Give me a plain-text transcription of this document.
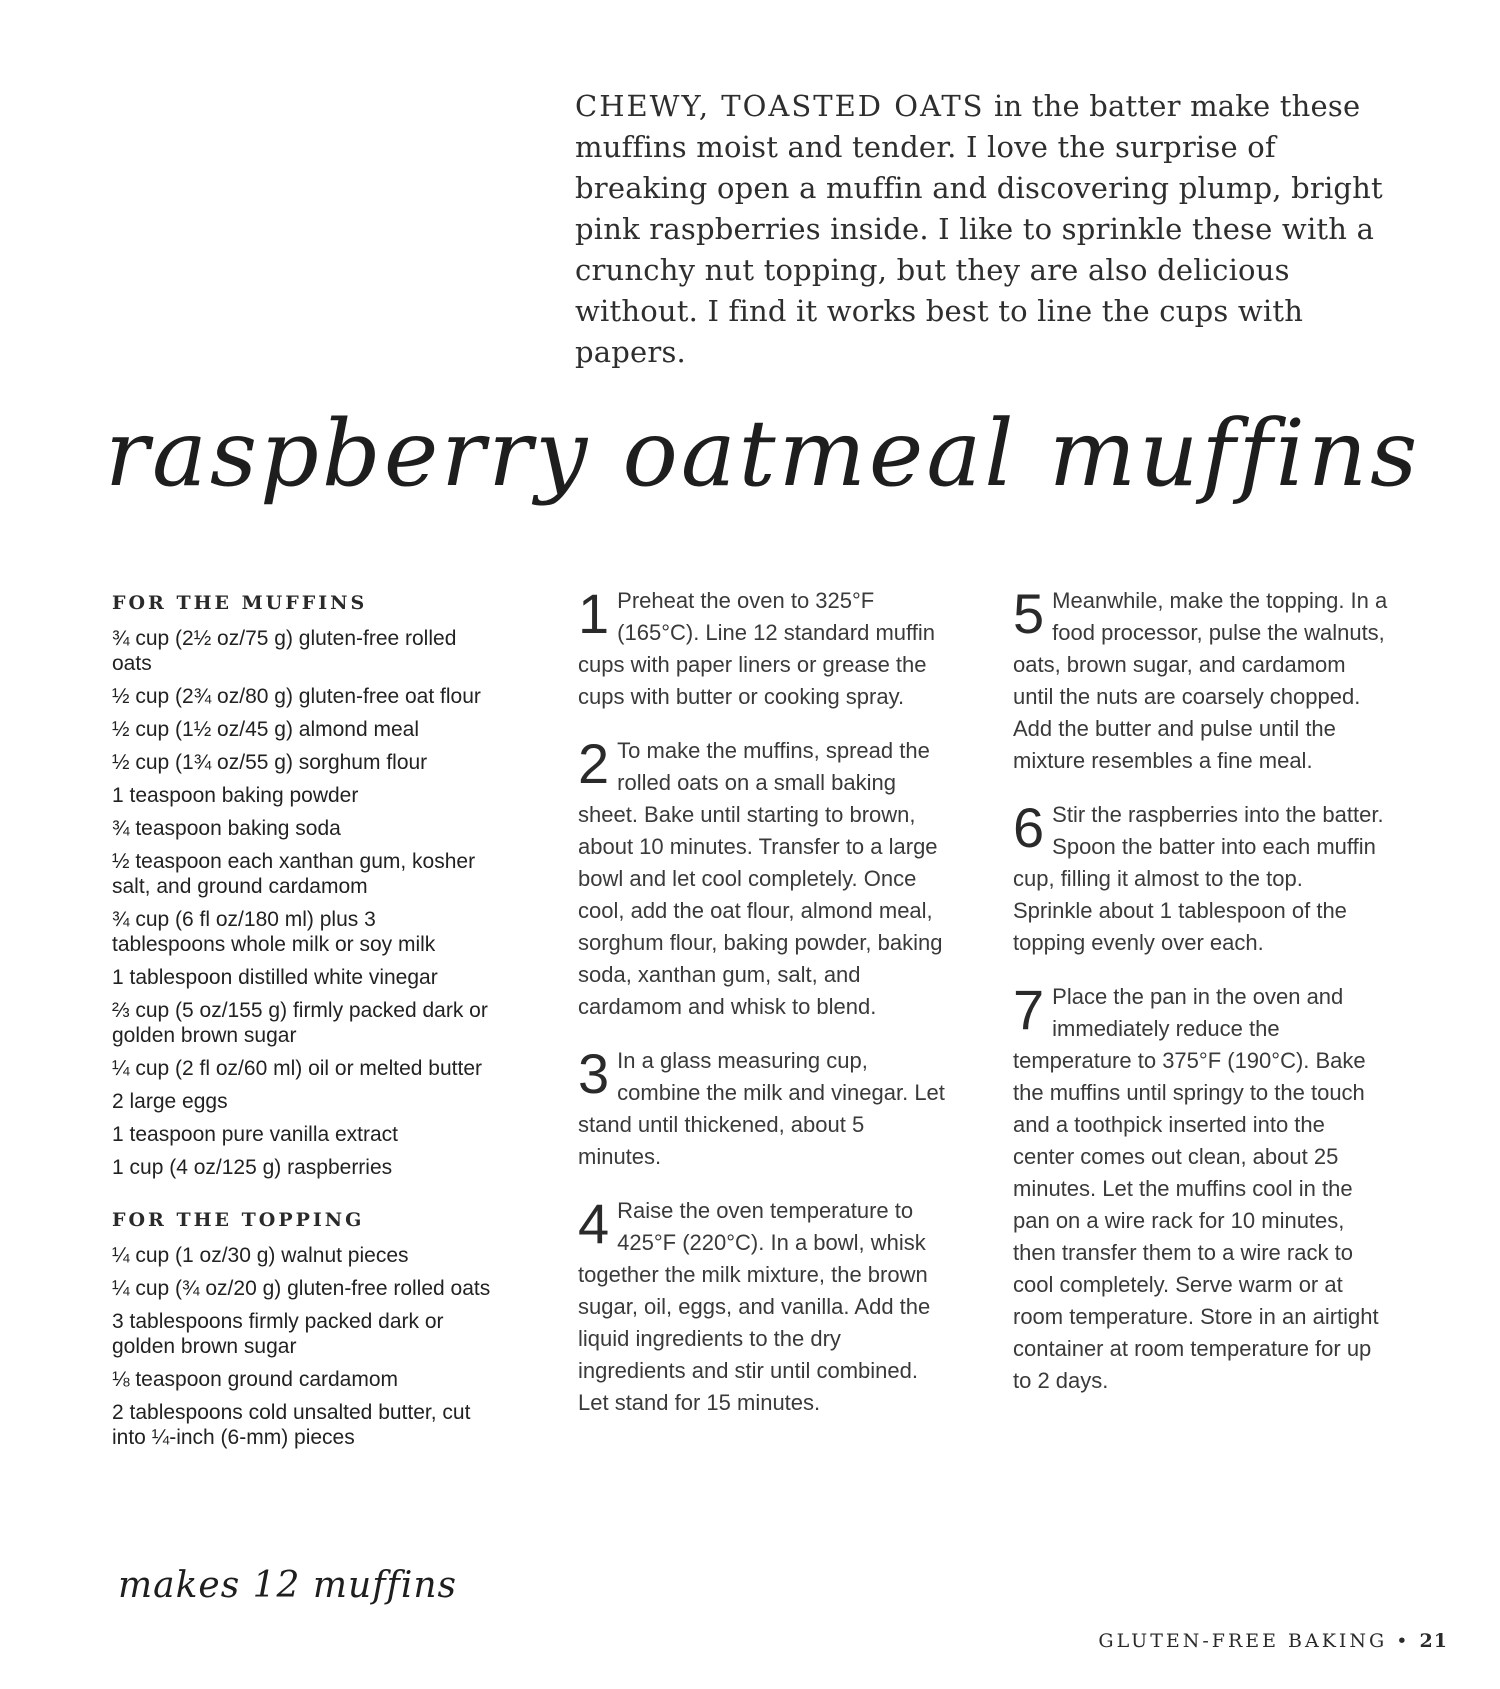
CHEWY, TOASTED OATS in the batter make these muffins moist and tender. I love the surprise of breaking open a muffin and discovering plump, bright pink raspberries inside. I like to sprinkle these with a crunchy nut topping, but they are also delicious without. I find it works best to line the cups with papers.

raspberry oatmeal muffins
FOR THE MUFFINS
¾ cup (2½ oz/75 g) gluten-free rolled oats
½ cup (2¾ oz/80 g) gluten-free oat flour
½ cup (1½ oz/45 g) almond meal
½ cup (1¾ oz/55 g) sorghum flour
1 teaspoon baking powder
¾ teaspoon baking soda
½ teaspoon each xanthan gum, kosher salt, and ground cardamom
¾ cup (6 fl oz/180 ml) plus 3 tablespoons whole milk or soy milk
1 tablespoon distilled white vinegar
⅔ cup (5 oz/155 g) firmly packed dark or golden brown sugar
¼ cup (2 fl oz/60 ml) oil or melted butter
2 large eggs
1 teaspoon pure vanilla extract
1 cup (4 oz/125 g) raspberries
FOR THE TOPPING
¼ cup (1 oz/30 g) walnut pieces
¼ cup (¾ oz/20 g) gluten-free rolled oats
3 tablespoons firmly packed dark or golden brown sugar
⅛ teaspoon ground cardamom
2 tablespoons cold unsalted butter, cut into ¼-inch (6-mm) pieces
makes 12 muffins

1 Preheat the oven to 325°F (165°C). Line 12 standard muffin cups with paper liners or grease the cups with butter or cooking spray.

2 To make the muffins, spread the rolled oats on a small baking sheet. Bake until starting to brown, about 10 minutes. Transfer to a large bowl and let cool completely. Once cool, add the oat flour, almond meal, sorghum flour, baking powder, baking soda, xanthan gum, salt, and cardamom and whisk to blend.

3 In a glass measuring cup, combine the milk and vinegar. Let stand until thickened, about 5 minutes.

4 Raise the oven temperature to 425°F (220°C). In a bowl, whisk together the milk mixture, the brown sugar, oil, eggs, and vanilla. Add the liquid ingredients to the dry ingredients and stir until combined. Let stand for 15 minutes.

5 Meanwhile, make the topping. In a food processor, pulse the walnuts, oats, brown sugar, and cardamom until the nuts are coarsely chopped. Add the butter and pulse until the mixture resembles a fine meal.

6 Stir the raspberries into the batter. Spoon the batter into each muffin cup, filling it almost to the top. Sprinkle about 1 tablespoon of the topping evenly over each.

7 Place the pan in the oven and immediately reduce the temperature to 375°F (190°C). Bake the muffins until springy to the touch and a toothpick inserted into the center comes out clean, about 25 minutes. Let the muffins cool in the pan on a wire rack for 10 minutes, then transfer them to a wire rack to cool completely. Serve warm or at room temperature. Store in an airtight container at room temperature for up to 2 days.

GLUTEN-FREE BAKING • 21
